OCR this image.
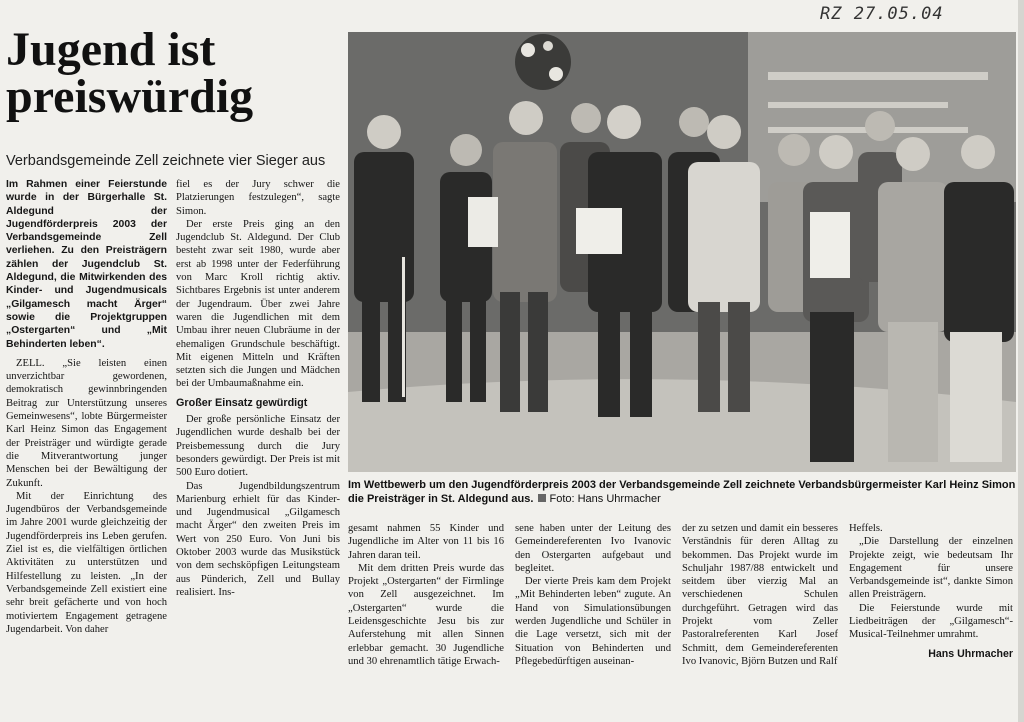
RZ 27.05.04
Jugend ist
preiswürdig
Verbandsgemeinde Zell zeichnete vier Sieger aus

Im Rahmen einer Feierstunde wurde in der Bürgerhalle St. Aldegund der Jugendförderpreis 2003 der Verbandsgemeinde Zell verliehen. Zu den Preisträgern zählen der Jugendclub St. Aldegund, die Mitwirkenden des Kinder- und Jugendmusicals „Gilgamesch macht Ärger“ sowie die Projektgruppen „Ostergarten“ und „Mit Behinderten leben“.

ZELL. „Sie leisten einen unverzichtbar gewordenen, demokratisch gewinnbringenden Beitrag zur Unterstützung unseres Gemeinwesens“, lobte Bürgermeister Karl Heinz Simon das Engagement der Preisträger und würdigte gerade die Mitverantwortung junger Menschen bei der Bewältigung der Zukunft.

Mit der Einrichtung des Jugendbüros der Verbandsgemeinde im Jahre 2001 wurde gleichzeitig der Jugendförderpreis ins Leben gerufen. Ziel ist es, die vielfältigen örtlichen Aktivitäten zu unterstützen und Hilfestellung zu leisten. „In der Verbandsgemeinde Zell existiert eine sehr breit gefächerte und von hoch motiviertem Engagement getragene Jugendarbeit. Von daher

fiel es der Jury schwer die Platzierungen festzulegen“, sagte Simon.

Der erste Preis ging an den Jugendclub St. Aldegund. Der Club besteht zwar seit 1980, wurde aber erst ab 1998 unter der Federführung von Marc Kroll richtig aktiv. Sichtbares Ergebnis ist unter anderem der Jugendraum. Über zwei Jahre waren die Jugendlichen mit dem Umbau ihrer neuen Clubräume in der ehemaligen Grundschule beschäftigt. Mit eigenen Mitteln und Kräften setzten sich die Jungen und Mädchen bei der Umbaumaßnahme ein.

Großer Einsatz gewürdigt

Der große persönliche Einsatz der Jugendlichen wurde deshalb bei der Preisbemessung durch die Jury besonders gewürdigt. Der Preis ist mit 500 Euro dotiert.

Das Jugendbildungszentrum Marienburg erhielt für das Kinder- und Jugendmusical „Gilgamesch macht Ärger“ den zweiten Preis im Wert von 250 Euro. Von Juni bis Oktober 2003 wurde das Musikstück von dem sechsköpfigen Leitungsteam aus Pünderich, Zell und Bullay realisiert. Ins-

Im Wettbewerb um den Jugendförderpreis 2003 der Verbandsgemeinde Zell zeichnete Verbandsbürgermeister Karl Heinz Simon die Preisträger in St. Aldegund aus. Foto: Hans Uhrmacher

gesamt nahmen 55 Kinder und Jugendliche im Alter von 11 bis 16 Jahren daran teil.

Mit dem dritten Preis wurde das Projekt „Ostergarten“ der Firmlinge von Zell ausgezeichnet. Im „Ostergarten“ wurde die Leidensgeschichte Jesu bis zur Auferstehung mit allen Sinnen erlebbar gemacht. 30 Jugendliche und 30 ehrenamtlich tätige Erwach-

sene haben unter der Leitung des Gemeindereferenten Ivo Ivanovic den Ostergarten aufgebaut und begleitet.

Der vierte Preis kam dem Projekt „Mit Behinderten leben“ zugute. An Hand von Simulationsübungen werden Jugendliche und Schüler in die Lage versetzt, sich mit der Situation von Behinderten und Pflegebedürftigen auseinan-

der zu setzen und damit ein besseres Verständnis für deren Alltag zu bekommen. Das Projekt wurde im Schuljahr 1987/88 entwickelt und seitdem über vierzig Mal an verschiedenen Schulen durchgeführt. Getragen wird das Projekt vom Zeller Pastoralreferenten Karl Josef Schmitt, dem Gemeindereferenten Ivo Ivanovic, Björn Butzen und Ralf

Heffels.

„Die Darstellung der einzelnen Projekte zeigt, wie bedeutsam Ihr Engagement für unsere Verbandsgemeinde ist“, dankte Simon allen Preisträgern.

Die Feierstunde wurde mit Liedbeiträgen der „Gilgamesch“-Musical-Teilnehmer umrahmt.

Hans Uhrmacher
